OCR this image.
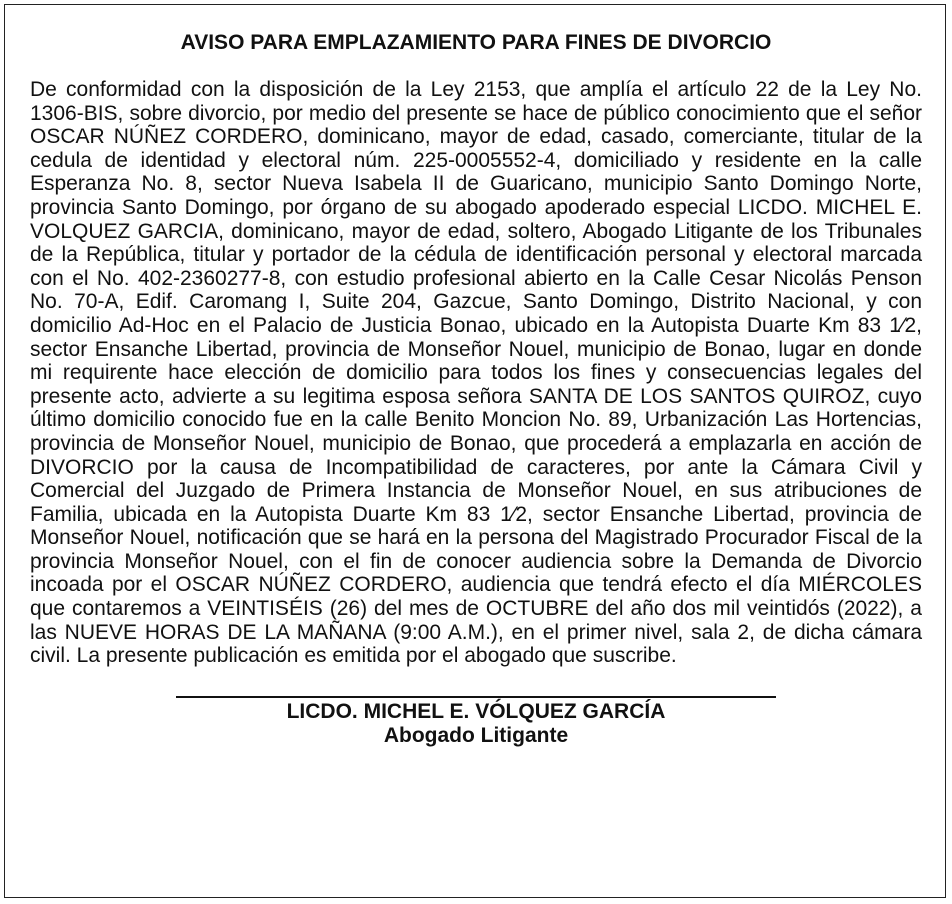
AVISO PARA EMPLAZAMIENTO PARA FINES DE DIVORCIO

De conformidad con la disposición de la Ley 2153, que amplía el artículo 22 de la Ley No. 1306-BIS, sobre divorcio, por medio del presente se hace de público conocimiento que el señor OSCAR NÚÑEZ CORDERO, dominicano, mayor de edad, casado, comerciante, titular de la cedula de identidad y electoral núm. 225-0005552-4, domiciliado y residente en la calle Esperanza No. 8, sector Nueva Isabela II de Guaricano, municipio Santo Domingo Norte, provincia Santo Domingo, por órgano de su abogado apoderado especial LICDO. MICHEL E. VOLQUEZ GARCIA, dominicano, mayor de edad, soltero, Abogado Litigante de los Tribunales de la República, titular y portador de la cédula de identificación personal y electoral marcada con el No. 402-2360277-8, con estudio profesional abierto en la Calle Cesar Nicolás Penson No. 70-A, Edif. Caromang I, Suite 204, Gazcue, Santo Domingo, Distrito Nacional, y con domicilio Ad-Hoc en el Palacio de Justicia Bonao, ubicado en la Autopista Duarte Km 83 1⁄2, sector Ensanche Libertad, provincia de Monseñor Nouel, municipio de Bonao, lugar en donde mi requirente hace elección de domicilio para todos los fines y consecuencias legales del presente acto, advierte a su legitima esposa señora SANTA DE LOS SANTOS QUIROZ, cuyo último domicilio conocido fue en la calle Benito Moncion No. 89, Urbanización Las Hortencias, provincia de Monseñor Nouel, municipio de Bonao, que procederá a emplazarla en acción de DIVORCIO por la causa de Incompatibilidad de caracteres, por ante la Cámara Civil y Comercial del Juzgado de Primera Instancia de Monseñor Nouel, en sus atribuciones de Familia, ubicada en la Autopista Duarte Km 83 1⁄2, sector Ensanche Libertad, provincia de Monseñor Nouel, notificación que se hará en la persona del Magistrado Procurador Fiscal de la provincia Monseñor Nouel, con el fin de conocer audiencia sobre la Demanda de Divorcio incoada por el OSCAR NÚÑEZ CORDERO, audiencia que tendrá efecto el día MIÉRCOLES que contaremos a VEINTISÉIS (26) del mes de OCTUBRE del año dos mil veintidós (2022), a las NUEVE HORAS DE LA MAÑANA (9:00 A.M.), en el primer nivel, sala 2, de dicha cámara civil. La presente publicación es emitida por el abogado que suscribe.

LICDO. MICHEL E. VÓLQUEZ GARCÍA
Abogado Litigante
